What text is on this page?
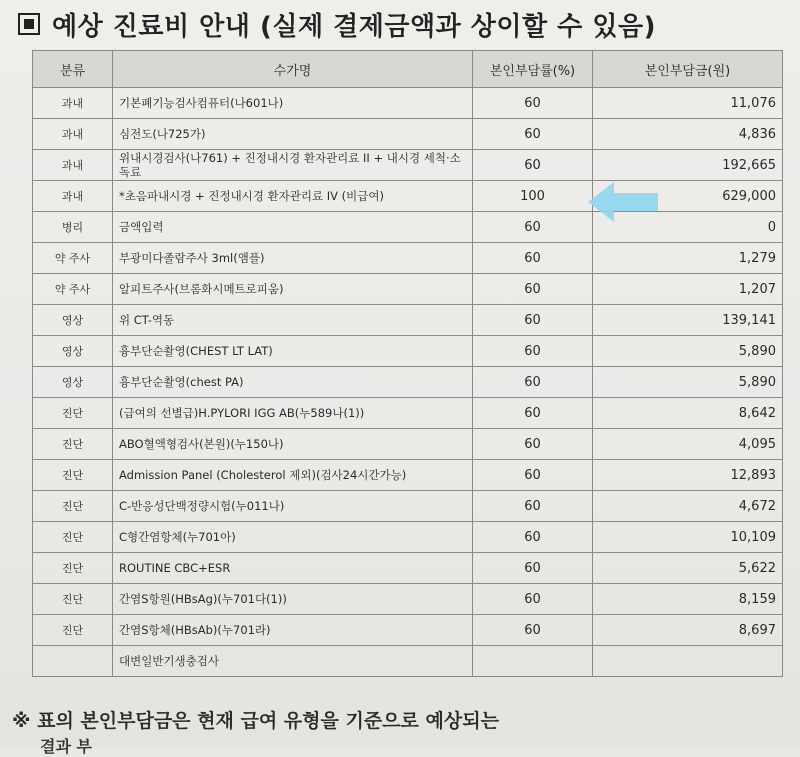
예상 진료비 안내 (실제 결제금액과 상이할 수 있음)
분류	수가명	본인부담률(%)	본인부담금(원)
과내	기본폐기능검사컴퓨터(나601나)	60	11,076
과내	심전도(나725가)	60	4,836
과내	위내시경검사(나761) + 진정내시경 환자관리료 II + 내시경 세척·소독료	60	192,665
과내	*초음파내시경 + 진정내시경 환자관리료 IV (비급여)	100	629,000
병리	금액입력	60	0
약 주사	부광미다졸람주사 3ml(앰플)	60	1,279
약 주사	알피트주사(브롬화시메트로피움)	60	1,207
영상	위 CT-역동	60	139,141
영상	흉부단순촬영(CHEST LT LAT)	60	5,890
영상	흉부단순촬영(chest PA)	60	5,890
진단	(급여의 선별급)H.PYLORI IGG AB(누589나(1))	60	8,642
진단	ABO혈액형검사(본원)(누150나)	60	4,095
진단	Admission Panel (Cholesterol 제외)(검사24시간가능)	60	12,893
진단	C-반응성단백정량시험(누011나)	60	4,672
진단	C형간염항체(누701아)	60	10,109
진단	ROUTINE CBC+ESR	60	5,622
진단	간염S항원(HBsAg)(누701다(1))	60	8,159
진단	간염S항체(HBsAb)(누701라)	60	8,697
	대변일반기생충검사		
※ 표의 본인부담금은 현재 급여 유형을 기준으로 예상되는
결과 부
